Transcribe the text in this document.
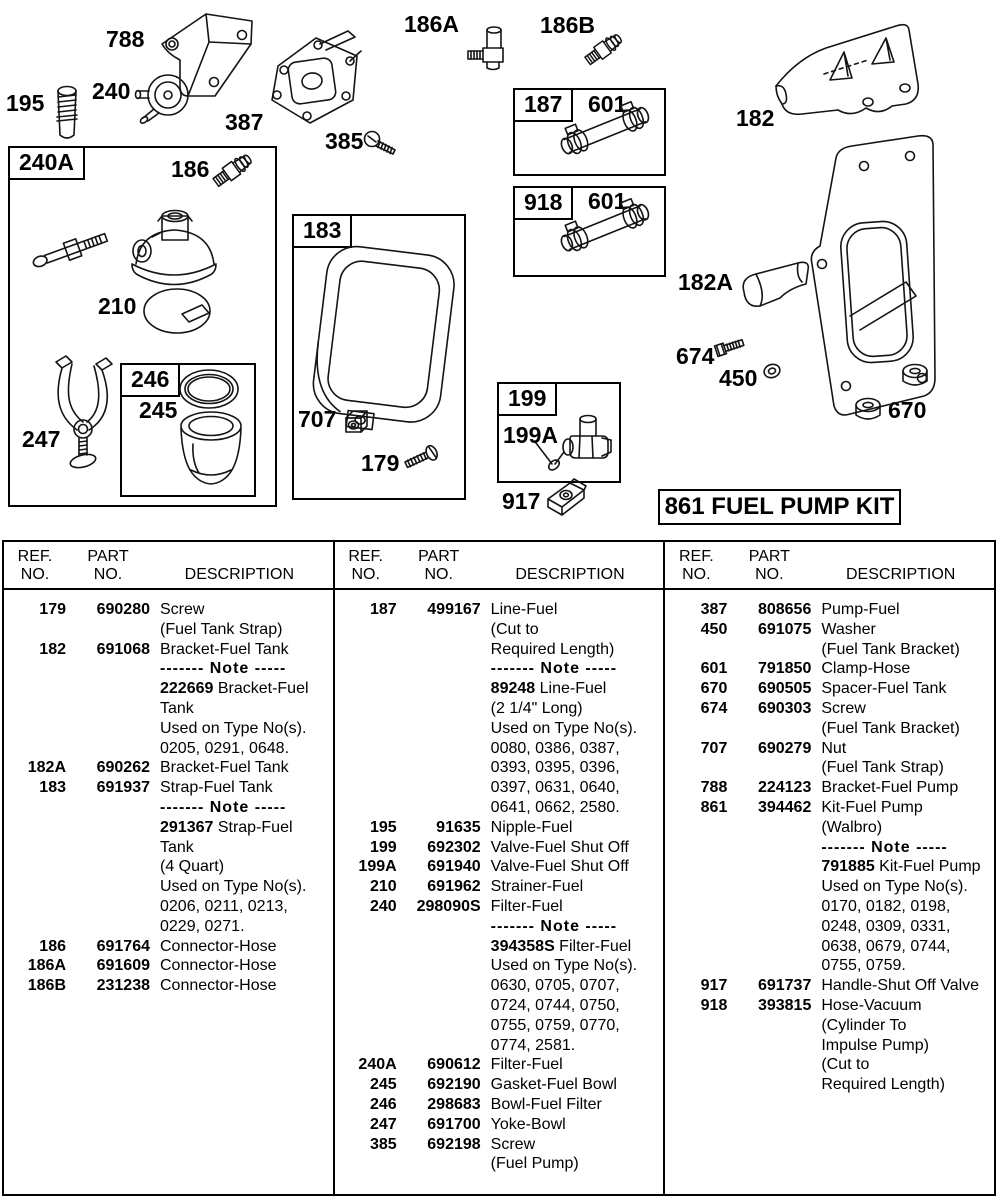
240A
183
187
918
199
246
861 FUEL PUMP KIT
788
195 240
387
385
186A	186B
186
210
245
247
707
179
601
601
182
182A
674
450
670
199A
917
REF.
NO.
PART
NO.	DESCRIPTION
179	690280 Screw
(Fuel Tank Strap)
182	691068 Bracket-Fuel Tank
------- Note -----
222669 Bracket-Fuel
Tank
Used on Type No(s).
0205, 0291, 0648.
182A	690262 Bracket-Fuel Tank
183	691937 Strap-Fuel Tank
------- Note -----
291367 Strap-Fuel
Tank
(4 Quart)
Used on Type No(s).
0206, 0211, 0213,
0229, 0271.
186	691764 Connector-Hose
186A	691609 Connector-Hose
186B	231238 Connector-Hose
REF.
NO.
PART
NO.	DESCRIPTION
187	499167 Line-Fuel
(Cut to
Required Length)
------- Note -----
89248 Line-Fuel
(2 1/4" Long)
Used on Type No(s).
0080, 0386, 0387,
0393, 0395, 0396,
0397, 0631, 0640,
0641, 0662, 2580.
195	91635 Nipple-Fuel
199	692302 Valve-Fuel Shut Off
199A	691940 Valve-Fuel Shut Off
210	691962 Strainer-Fuel
240	298090S Filter-Fuel
------- Note -----
394358S Filter-Fuel
Used on Type No(s).
0630, 0705, 0707,
0724, 0744, 0750,
0755, 0759, 0770,
0774, 2581.
240A	690612 Filter-Fuel
245	692190 Gasket-Fuel Bowl
246	298683 Bowl-Fuel Filter
247	691700 Yoke-Bowl
385	692198 Screw
(Fuel Pump)
REF.
NO.
PART
NO.	DESCRIPTION
387	808656 Pump-Fuel
450	691075 Washer
(Fuel Tank Bracket)
601	791850 Clamp-Hose
670	690505 Spacer-Fuel Tank
674	690303 Screw
(Fuel Tank Bracket)
707	690279 Nut
(Fuel Tank Strap)
788	224123 Bracket-Fuel Pump
861	394462 Kit-Fuel Pump
(Walbro)
------- Note -----
791885 Kit-Fuel Pump
Used on Type No(s).
0170, 0182, 0198,
0248, 0309, 0331,
0638, 0679, 0744,
0755, 0759.
917	691737 Handle-Shut Off Valve
918	393815 Hose-Vacuum
(Cylinder To
Impulse Pump)
(Cut to
Required Length)
